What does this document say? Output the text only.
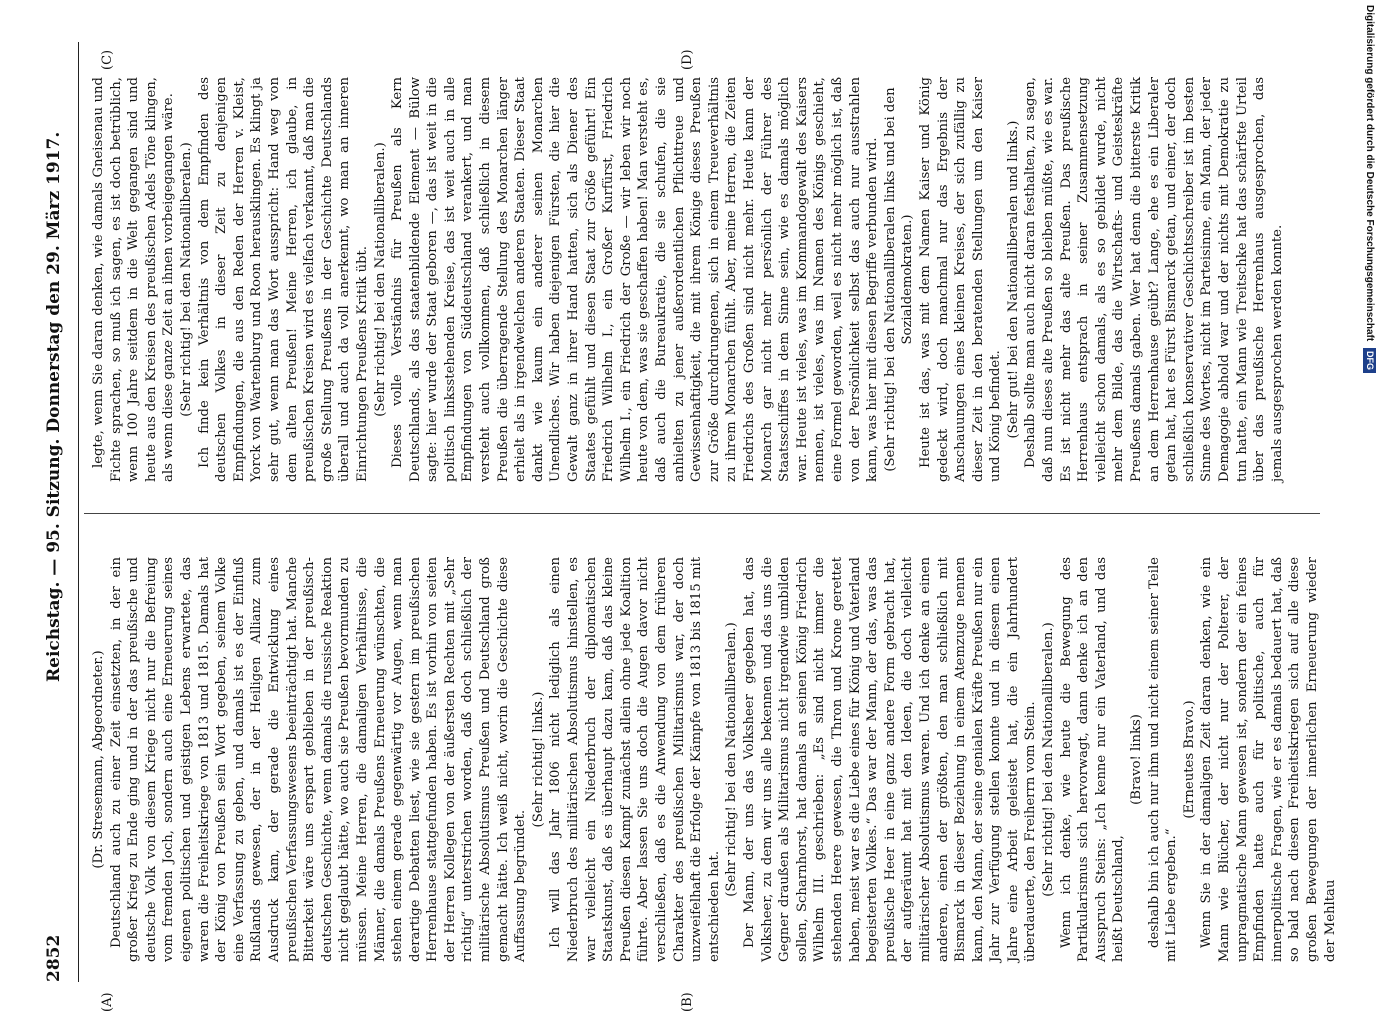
2852
Reichstag. — 95. Sitzung. Donnerstag den 29. März 1917.
(A)	(B)
(C)	(D)

(Dr. Stresemann, Abgeordneter.) Deutschland auch zu einer Zeit einsetzten, in der ein großer Krieg zu Ende ging und in der das preußische und deutsche Volk von diesem Kriege nicht nur die Befreiung vom fremden Joch, sondern auch eine Erneuerung seines eigenen politischen und geistigen Lebens erwartete, das waren die Freiheitskriege von 1813 und 1815. Damals hat der König von Preußen sein Wort gegeben, seinem Volke eine Verfassung zu geben, und damals ist es der Einfluß Rußlands gewesen, der in der Heiligen Allianz zum Ausdruck kam, der gerade die Entwicklung eines preußischen Verfassungswesens beeinträchtigt hat. Manche Bitterkeit wäre uns erspart geblieben in der preußisch-deutschen Geschichte, wenn damals die russische Reaktion nicht geglaubt hätte, wo auch sie Preußen bevormunden zu müssen. Meine Herren, die damaligen Verhältnisse, die Männer, die damals Preußens Erneuerung wünschten, die stehen einem gerade gegenwärtig vor Augen, wenn man derartige Debatten liest, wie sie gestern im preußischen Herrenhause stattgefunden haben. Es ist vorhin von seiten der Herren Kollegen von der äußersten Rechten mit „Sehr richtig“ unterstrichen worden, daß doch schließlich der militärische Absolutismus Preußen und Deutschland groß gemacht hätte. Ich weiß nicht, worin die Geschichte diese Auffassung begründet.

(Sehr richtig! links.) Ich will das Jahr 1806 nicht lediglich als einen Niederbruch des militärischen Absolutismus hinstellen, es war vielleicht ein Niederbruch der diplomatischen Staatskunst, daß es überhaupt dazu kam, daß das kleine Preußen diesen Kampf zunächst allein ohne jede Koalition führte. Aber lassen Sie uns doch die Augen davor nicht verschließen, daß es die Anwendung von dem früheren Charakter des preußischen Militarismus war, der doch unzweifelhaft die Erfolge der Kämpfe von 1813 bis 1815 mit entschieden hat.

(Sehr richtig! bei den Nationalliberalen.) Der Mann, der uns das Volksheer gegeben hat, das Volksheer, zu dem wir uns alle bekennen und das uns die Gegner draußen als Militarismus nicht irgendwie umbilden sollen, Scharnhorst, hat damals an seinen König Friedrich Wilhelm III. geschrieben: „Es sind nicht immer die stehenden Heere gewesen, die Thron und Krone gerettet haben, meist war es die Liebe eines für König und Vaterland begeisterten Volkes.“ Das war der Mann, der das, was das preußische Heer in eine ganz andere Form gebracht hat, der aufgeräumt hat mit den Ideen, die doch vielleicht militärischer Absolutismus waren. Und ich denke an einen anderen, einen der größten, den man schließlich mit Bismarck in dieser Beziehung in einem Atemzuge nennen kann, den Mann, der seine genialen Kräfte Preußen nur ein Jahr zur Verfügung stellen konnte und in diesem einen Jahre eine Arbeit geleistet hat, die ein Jahrhundert überdauerte, den Freiherrn vom Stein. (Sehr richtig! bei den Nationalliberalen.) Wenn ich denke, wie heute die Bewegung des Partikularismus sich hervorwagt, dann denke ich an den Ausspruch Steins: „Ich kenne nur ein Vaterland, und das heißt Deutschland,

(Bravo! links) deshalb bin ich auch nur ihm und nicht einem seiner Teile mit Liebe ergeben.“

(Erneutes Bravo.) Wenn Sie in der damaligen Zeit daran denken, wie ein Mann wie Blücher, der nicht nur der Polterer, der unpragmatische Mann gewesen ist, sondern der ein feines Empfinden hatte auch für politische, auch für innerpolitische Fragen, wie er es damals bedauert hat, daß so bald nach diesen Freiheitskriegen sich auf alle diese großen Bewegungen der innerlichen Erneuerung wieder der Mehltau

legte, wenn Sie daran denken, wie damals Gneisenau und Fichte sprachen, so muß ich sagen, es ist doch betrüblich, wenn 100 Jahre seitdem in die Welt gegangen sind und heute aus den Kreisen des preußischen Adels Töne klingen, als wenn diese ganze Zeit an ihnen vorbeigegangen wäre. (Sehr richtig! bei den Nationalliberalen.) Ich finde kein Verhältnis von dem Empfinden des deutschen Volkes in dieser Zeit zu denjenigen Empfindungen, die aus den Reden der Herren v. Kleist, Yorck von Wartenburg und Roon herausklingen. Es klingt ja sehr gut, wenn man das Wort ausspricht: Hand weg von dem alten Preußen! Meine Herren, ich glaube, in preußischen Kreisen wird es vielfach verkannt, daß man die große Stellung Preußens in der Geschichte Deutschlands überall und auch da voll anerkennt, wo man an inneren Einrichtungen Preußens Kritik übt. (Sehr richtig! bei den Nationalliberalen.) Dieses volle Verständnis für Preußen als Kern Deutschlands, als das staatenbildende Element — Bülow sagte: hier wurde der Staat geboren —, das ist weit in die politisch linksstehenden Kreise, das ist weit auch in alle Empfindungen von Süddeutschland verankert, und man versteht auch vollkommen, daß schließlich in diesem Preußen die überragende Stellung des Monarchen länger erhielt als in irgendwelchen anderen Staaten. Dieser Staat dankt wie kaum ein anderer seinen Monarchen Unendliches. Wir haben diejenigen Fürsten, die hier die Gewalt ganz in ihrer Hand hatten, sich als Diener des Staates gefühlt und diesen Staat zur Größe geführt! Ein Friedrich Wilhelm I., ein Großer Kurfürst, Friedrich Wilhelm I., ein Friedrich der Große — wir leben wir noch heute von dem, was sie geschaffen haben! Man versteht es, daß auch die Bureaukratie, die sie schufen, die sie anhielten zu jener außerordentlichen Pflichttreue und Gewissenhaftigkeit, die mit ihrem Könige dieses Preußen zur Größe durchdrungenen, sich in einem Treueverhältnis zu ihrem Monarchen fühlt. Aber, meine Herren, die Zeiten Friedrichs des Großen sind nicht mehr. Heute kann der Monarch gar nicht mehr persönlich der Führer des Staatsschiffes in dem Sinne sein, wie es damals möglich war. Heute ist vieles, was im Kommandogewalt des Kaisers nennen, ist vieles, was im Namen des Königs geschieht, eine Formel geworden, weil es nicht mehr möglich ist, daß von der Persönlichkeit selbst das auch nur ausstrahlen kann, was hier mit diesen Begriffe verbunden wird. (Sehr richtig! bei den Nationalliberalen links und bei den Sozialdemokraten.) Heute ist das, was mit dem Namen Kaiser und König gedeckt wird, doch manchmal nur das Ergebnis der Anschauungen eines kleinen Kreises, der sich zufällig zu dieser Zeit in den beratenden Stellungen um den Kaiser und König befindet. (Sehr gut! bei den Nationalliberalen und links.) Deshalb sollte man auch nicht daran festhalten, zu sagen, daß nun dieses alte Preußen so bleiben müßte, wie es war. Es ist nicht mehr das alte Preußen. Das preußische Herrenhaus entsprach in seiner Zusammensetzung vielleicht schon damals, als es so gebildet wurde, nicht mehr dem Bilde, das die Wirtschafts- und Geisteskräfte Preußens damals gaben. Wer hat denn die bitterste Kritik an dem Herrenhause geübt? Lange, ehe es ein Liberaler getan hat, hat es Fürst Bismarck getan, und einer, der doch schließlich konservativer Geschichtsschreiber ist im besten Sinne des Wortes, nicht im Parteisinne, ein Mann, der jeder Demagogie abhold war und der nichts mit Demokratie zu tun hatte, ein Mann wie Treitschke hat das schärfste Urteil über das preußische Herrenhaus ausgesprochen, das jemals ausgesprochen werden konnte.

Digitalisierung gefördert durch die Deutsche Forschungsgemeinschaft DFG
